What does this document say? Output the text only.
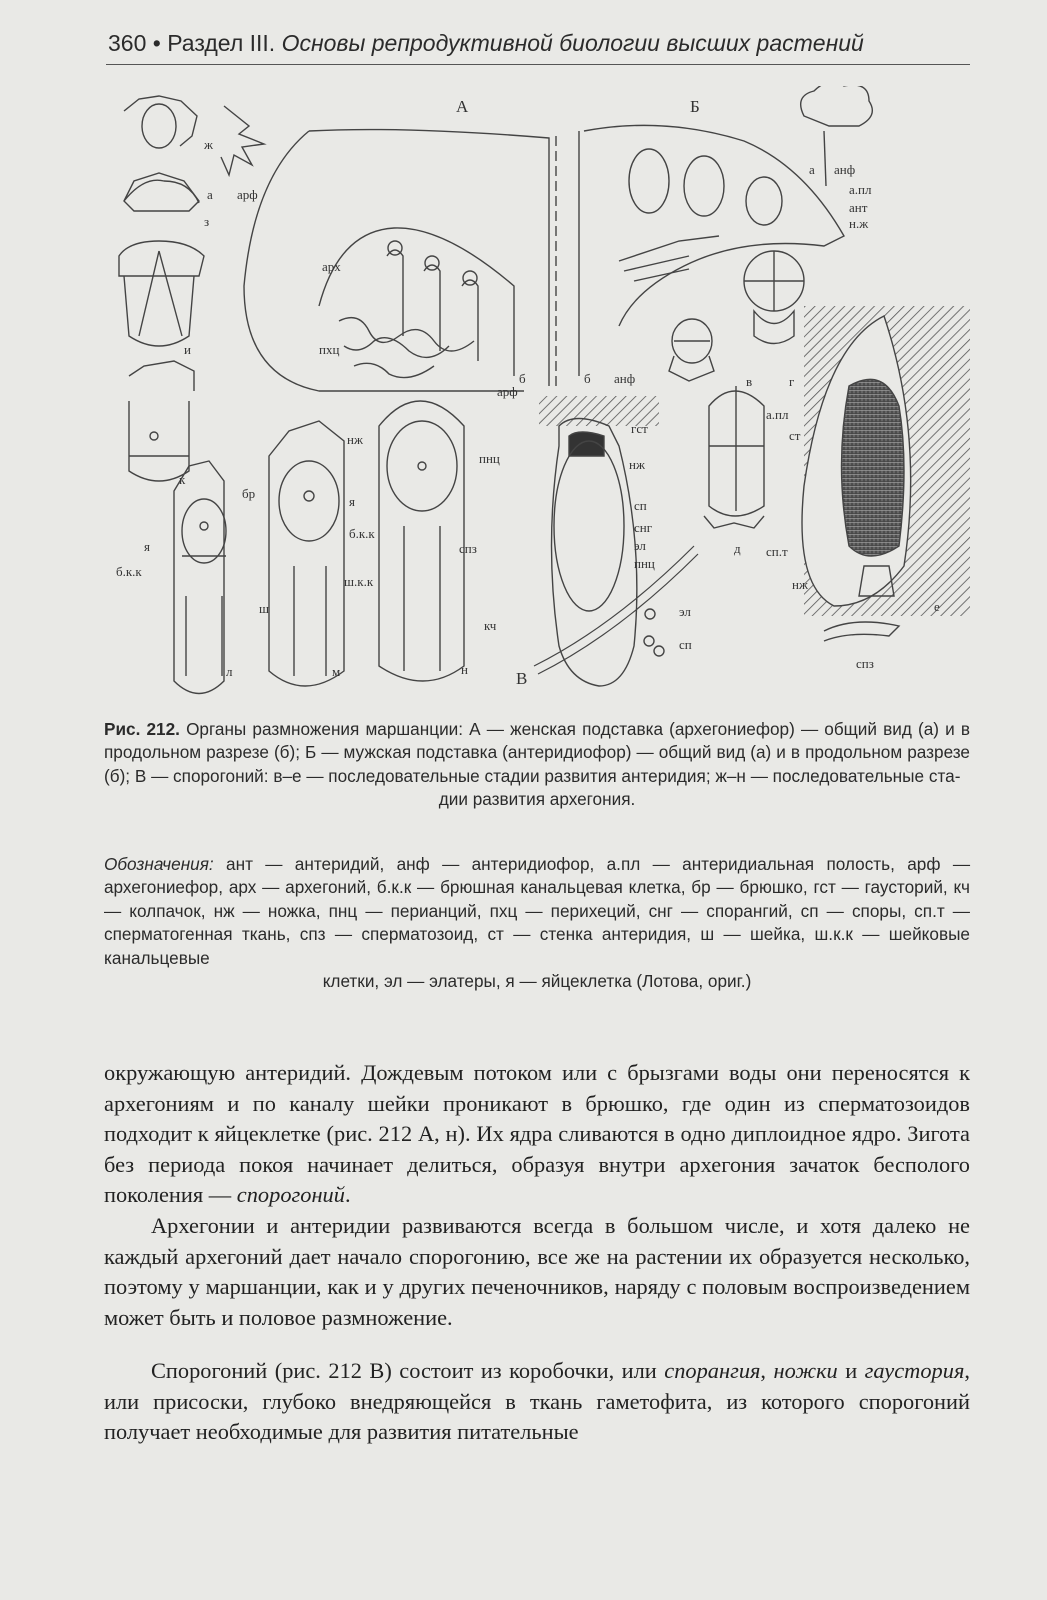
360 • Раздел III. Основы репродуктивной биологии высших растений
А	Б
В
ж
з
и
к
л	м	н
а
б	б
а
в	г
д
е
арф
арх
пхц
арф
анф
а.пл
ант
н.ж
анф
нж
пнц
гст
нж
сп
снг
эл
пнц
кч
эл
сп
я
б.к.к
бр
я
б.к.к
ш.к.к
ш
спз
а.пл
ст
сп.т
нж
спз
Рис. 212. Органы размножения маршанции: А — женская подставка (архегониефор) — общий вид (а) и в продольном разрезе (б); Б — мужская подставка (антеридиофор) — общий вид (а) и в продольном разрезе (б); В — спорогоний: в–е — последовательные стадии развития антеридия; ж–н — последовательные ста-
дии развития архегония.
Обозначения: ант — антеридий, анф — антеридиофор, а.пл — антеридиальная полость, арф — архегониефор, арх — архегоний, б.к.к — брюшная канальцевая клетка, бр — брюшко, гст — гаусторий, кч — колпачок, нж — ножка, пнц — перианций, пхц — перихеций, снг — спорангий, сп — споры, сп.т — сперматогенная ткань, спз — сперматозоид, ст — стенка антеридия, ш — шейка, ш.к.к — шейковые канальцевые
клетки, эл — элатеры, я — яйцеклетка (Лотова, ориг.)

окружающую антеридий. Дождевым потоком или с брызгами воды они переносятся к архегониям и по каналу шейки проникают в брюшко, где один из сперматозоидов подходит к яйцеклетке (рис. 212 А, н). Их ядра сливаются в одно диплоидное ядро. Зигота без периода покоя начинает делиться, образуя внутри архегония зачаток бесполого поколения — спорогоний.

Архегонии и антеридии развиваются всегда в большом числе, и хотя далеко не каждый архегоний дает начало спорогонию, все же на растении их образуется несколько, поэтому у маршанции, как и у других печеночников, наряду с половым воспроизведением может быть и половое размножение.

Спорогоний (рис. 212 В) состоит из коробочки, или спорангия, ножки и гаустория, или присоски, глубоко внедряющейся в ткань гаметофита, из которого спорогоний получает необходимые для развития питательные
